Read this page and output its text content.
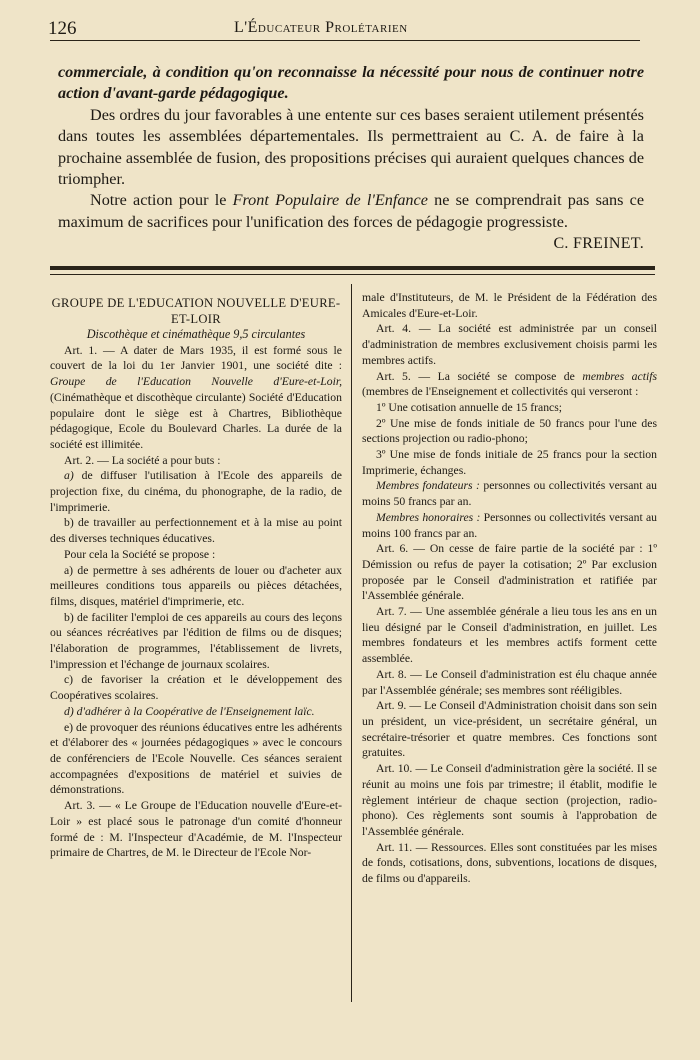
126	L'Éducateur Prolétarien

commerciale, à condition qu'on reconnaisse la nécessité pour nous de continuer notre action d'avant-garde pédagogique.

Des ordres du jour favorables à une entente sur ces bases seraient utilement présentés dans toutes les assemblées départementales. Ils permettraient au C. A. de faire à la prochaine assemblée de fusion, des propositions précises qui auraient quelques chances de triompher.

Notre action pour le Front Populaire de l'Enfance ne se comprendrait pas sans ce maximum de sacrifices pour l'unification des forces de pédagogie progressiste.
C. FREINET.

GROUPE DE L'EDUCATION NOUVELLE D'EURE-ET-LOIR

Discothèque et cinémathèque 9,5 circulantes

Art. 1. — A dater de Mars 1935, il est formé sous le couvert de la loi du 1er Janvier 1901, une société dite : Groupe de l'Education Nouvelle d'Eure-et-Loir, (Cinémathèque et discothèque circulante) Société d'Education populaire dont le siège est à Chartres, Bibliothèque pédagogique, Ecole du Boulevard Charles. La durée de la société est illimitée.

Art. 2. — La société a pour buts :

a) de diffuser l'utilisation à l'Ecole des appareils de projection fixe, du cinéma, du phonographe, de la radio, de l'imprimerie.

b) de travailler au perfectionnement et à la mise au point des diverses techniques éducatives.

Pour cela la Société se propose :

a) de permettre à ses adhérents de louer ou d'acheter aux meilleures conditions tous appareils ou pièces détachées, films, disques, matériel d'imprimerie, etc.

b) de faciliter l'emploi de ces appareils au cours des leçons ou séances récréatives par l'édition de films ou de disques; l'élaboration de programmes, l'établissement de livrets, l'impression et l'échange de journaux scolaires.

c) de favoriser la création et le développement des Coopératives scolaires.

d) d'adhérer à la Coopérative de l'Enseignement laïc.

e) de provoquer des réunions éducatives entre les adhérents et d'élaborer des « journées pédagogiques » avec le concours de conférenciers de l'Ecole Nouvelle. Ces séances seraient accompagnées d'expositions de matériel et suivies de démonstrations.

Art. 3. — « Le Groupe de l'Education nouvelle d'Eure-et-Loir » est placé sous le patronage d'un comité d'honneur formé de : M. l'Inspecteur d'Académie, de M. l'Inspecteur primaire de Chartres, de M. le Directeur de l'Ecole Nor-

male d'Instituteurs, de M. le Président de la Fédération des Amicales d'Eure-et-Loir.

Art. 4. — La société est administrée par un conseil d'administration de membres exclusivement choisis parmi les membres actifs.

Art. 5. — La société se compose de membres actifs (membres de l'Enseignement et collectivités qui verseront :

1º Une cotisation annuelle de 15 francs;

2º Une mise de fonds initiale de 50 francs pour l'une des sections projection ou radio-phono;

3º Une mise de fonds initiale de 25 francs pour la section Imprimerie, échanges.

Membres fondateurs : personnes ou collectivités versant au moins 50 francs par an.

Membres honoraires : Personnes ou collectivités versant au moins 100 francs par an.

Art. 6. — On cesse de faire partie de la société par : 1º Démission ou refus de payer la cotisation; 2º Par exclusion proposée par le Conseil d'administration et ratifiée par l'Assemblée générale.

Art. 7. — Une assemblée générale a lieu tous les ans en un lieu désigné par le Conseil d'administration, en juillet. Les membres fondateurs et les membres actifs forment cette assemblée.

Art. 8. — Le Conseil d'administration est élu chaque année par l'Assemblée générale; ses membres sont rééligibles.

Art. 9. — Le Conseil d'Administration choisit dans son sein un président, un vice-président, un secrétaire général, un secrétaire-trésorier et quatre membres. Ces fonctions sont gratuites.

Art. 10. — Le Conseil d'administration gère la société. Il se réunit au moins une fois par trimestre; il établit, modifie le règlement intérieur de chaque section (projection, radio-phono). Ces règlements sont soumis à l'approbation de l'Assemblée générale.

Art. 11. — Ressources. Elles sont constituées par les mises de fonds, cotisations, dons, subventions, locations de disques, de films ou d'appareils.
